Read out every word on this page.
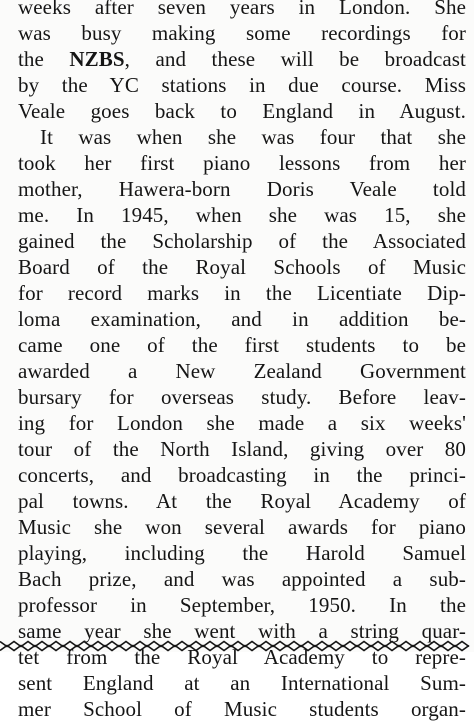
weeks after seven years in London. She
was busy making some recordings for
the NZBS, and these will be broadcast
by the YC stations in due course. Miss
Veale goes back to England in August.
It was when she was four that she
took her first piano lessons from her
mother, Hawera-born Doris Veale told
me. In 1945, when she was 15, she
gained the Scholarship of the Associated
Board of the Royal Schools of Music
for record marks in the Licentiate Dip-
loma examination, and in addition be-
came one of the first students to be
awarded a New Zealand Government
bursary for overseas study. Before leav-
ing for London she made a six weeks'
tour of the North Island, giving over 80
concerts, and broadcasting in the princi-
pal towns. At the Royal Academy of
Music she won several awards for piano
playing, including the Harold Samuel
Bach prize, and was appointed a sub-
professor in September, 1950. In the
same year she went with a string quar-
tet from the Royal Academy to repre-
sent England at an International Sum-
mer School of Music students organ-
